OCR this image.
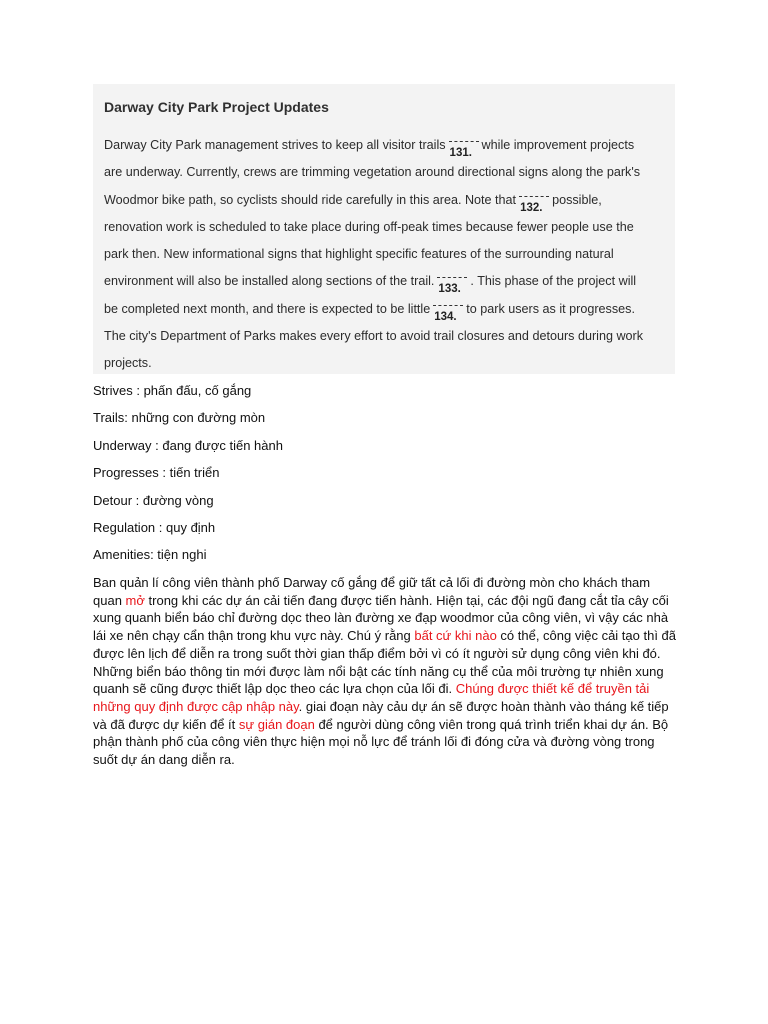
Darway City Park Project Updates
Darway City Park management strives to keep all visitor trails
131.
while improvement projects
are underway. Currently, crews are trimming vegetation around directional signs along the park's
Woodmor bike path, so cyclists should ride carefully in this area. Note that
132.
possible,
renovation work is scheduled to take place during off-peak times because fewer people use the
park then. New informational signs that highlight specific features of the surrounding natural
environment will also be installed along sections of the trail.
133.
. This phase of the project will
be completed next month, and there is expected to be little
134.
to park users as it progresses.
The city's Department of Parks makes every effort to avoid trail closures and detours during work
projects.
Strives : phấn đấu, cố gắng
Trails: những con đường mòn
Underway : đang được tiến hành
Progresses : tiến triển
Detour : đường vòng
Regulation : quy định
Amenities: tiện nghi
Ban quản lí công viên thành phố Darway cố gắng để giữ tất cả lối đi đường mòn cho khách tham quan mở trong khi các dự án cải tiến đang được tiến hành. Hiện tại, các đội ngũ đang cắt tỉa cây cối xung quanh biển báo chỉ đường dọc theo làn đường xe đạp woodmor của công viên, vì vậy các nhà lái xe nên chạy cẩn thận trong khu vực này. Chú ý rằng bất cứ khi nào có thể, công việc cải tạo thì đã được lên lịch để diễn ra trong suốt thời gian thấp điểm bởi vì có ít người sử dụng công viên khi đó. Những biển báo thông tin mới được làm nổi bật các tính năng cụ thể của môi trường tự nhiên xung quanh sẽ cũng được thiết lập dọc theo các lựa chọn của lối đi. Chúng được thiết kế để truyền tải những quy định được cập nhập này. giai đoạn này cảu dự án sẽ được hoàn thành vào tháng kế tiếp và đã được dự kiến để ít sự gián đoạn để người dùng công viên trong quá trình triển khai dự án. Bộ phận thành phố của công viên thực hiện mọi nỗ lực để tránh lối đi đóng cửa và đường vòng trong suốt dự án dang diễn ra.
